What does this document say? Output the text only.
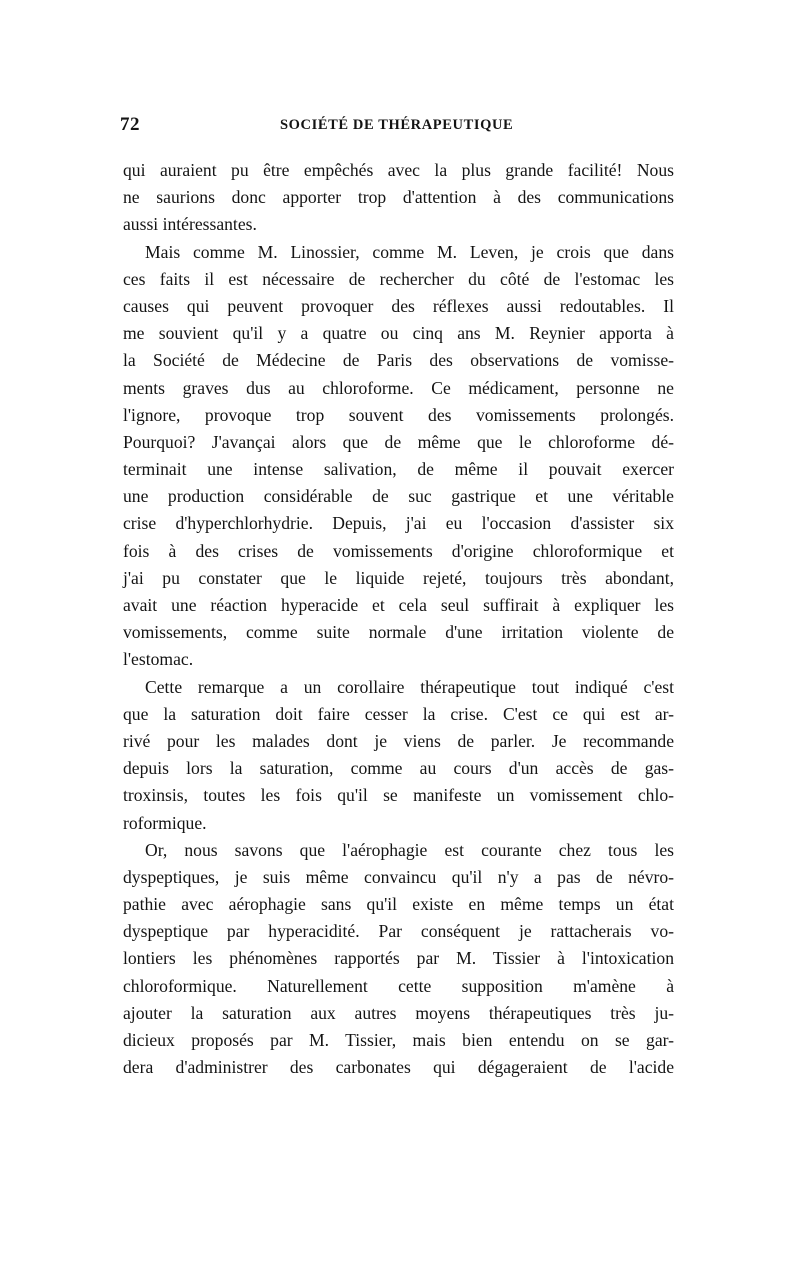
72	SOCIÉTÉ DE THÉRAPEUTIQUE
qui auraient pu être empêchés avec la plus grande facilité! Nous
ne saurions donc apporter trop d'attention à des communications
aussi intéressantes.
Mais comme M. Linossier, comme M. Leven, je crois que dans
ces faits il est nécessaire de rechercher du côté de l'estomac les
causes qui peuvent provoquer des réflexes aussi redoutables. Il
me souvient qu'il y a quatre ou cinq ans M. Reynier apporta à
la Société de Médecine de Paris des observations de vomisse-
ments graves dus au chloroforme. Ce médicament, personne ne
l'ignore, provoque trop souvent des vomissements prolongés.
Pourquoi? J'avançai alors que de même que le chloroforme dé-
terminait une intense salivation, de même il pouvait exercer
une production considérable de suc gastrique et une véritable
crise d'hyperchlorhydrie. Depuis, j'ai eu l'occasion d'assister six
fois à des crises de vomissements d'origine chloroformique et
j'ai pu constater que le liquide rejeté, toujours très abondant,
avait une réaction hyperacide et cela seul suffirait à expliquer les
vomissements, comme suite normale d'une irritation violente de
l'estomac.
Cette remarque a un corollaire thérapeutique tout indiqué c'est
que la saturation doit faire cesser la crise. C'est ce qui est ar-
rivé pour les malades dont je viens de parler. Je recommande
depuis lors la saturation, comme au cours d'un accès de gas-
troxinsis, toutes les fois qu'il se manifeste un vomissement chlo-
roformique.
Or, nous savons que l'aérophagie est courante chez tous les
dyspeptiques, je suis même convaincu qu'il n'y a pas de névro-
pathie avec aérophagie sans qu'il existe en même temps un état
dyspeptique par hyperacidité. Par conséquent je rattacherais vo-
lontiers les phénomènes rapportés par M. Tissier à l'intoxication
chloroformique. Naturellement cette supposition m'amène à
ajouter la saturation aux autres moyens thérapeutiques très ju-
dicieux proposés par M. Tissier, mais bien entendu on se gar-
dera d'administrer des carbonates qui dégageraient de l'acide
